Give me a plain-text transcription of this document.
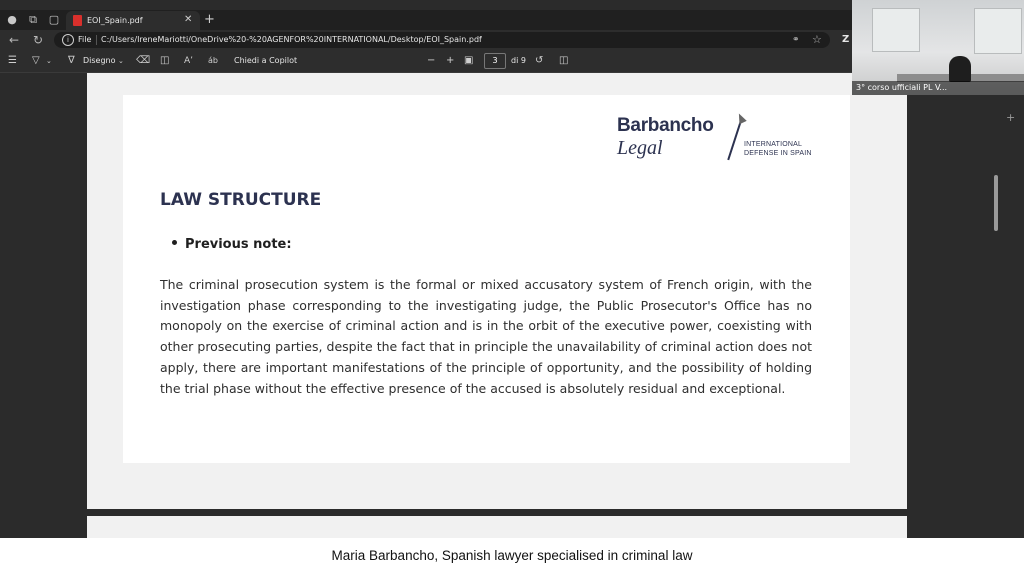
● ⧉ ▢	EOI_Spain.pdf	✕ +
← ↻	i	File C:/Users/IreneMariotti/OneDrive%20-%20AGENFOR%20INTERNATIONAL/Desktop/EOI_Spain.pdf	⚭ ☆ Z
☰ ▽ ⌄ ∇ Disegno ⌄ ⌫ ◫ A’ áb Chiedi a Copilot	− + ▣	3	di 9 ↺ ◫
Barbancho
Legal	INTERNATIONAL
DEFENSE IN SPAIN
LAW STRUCTURE
Previous note:
The criminal prosecution system is the formal or mixed accusatory system of French origin, with the investigation phase corresponding to the investigating judge, the Public Prosecutor's Office has no monopoly on the exercise of criminal action and is in the orbit of the executive power, coexisting with other prosecuting parties, despite the fact that in principle the unavailability of criminal action does not apply, there are important manifestations of the principle of opportunity, and the possibility of holding the trial phase without the effective presence of the accused is absolutely residual and exceptional.
+
3° corso ufficiali PL V...
Maria Barbancho, Spanish lawyer specialised in criminal law
